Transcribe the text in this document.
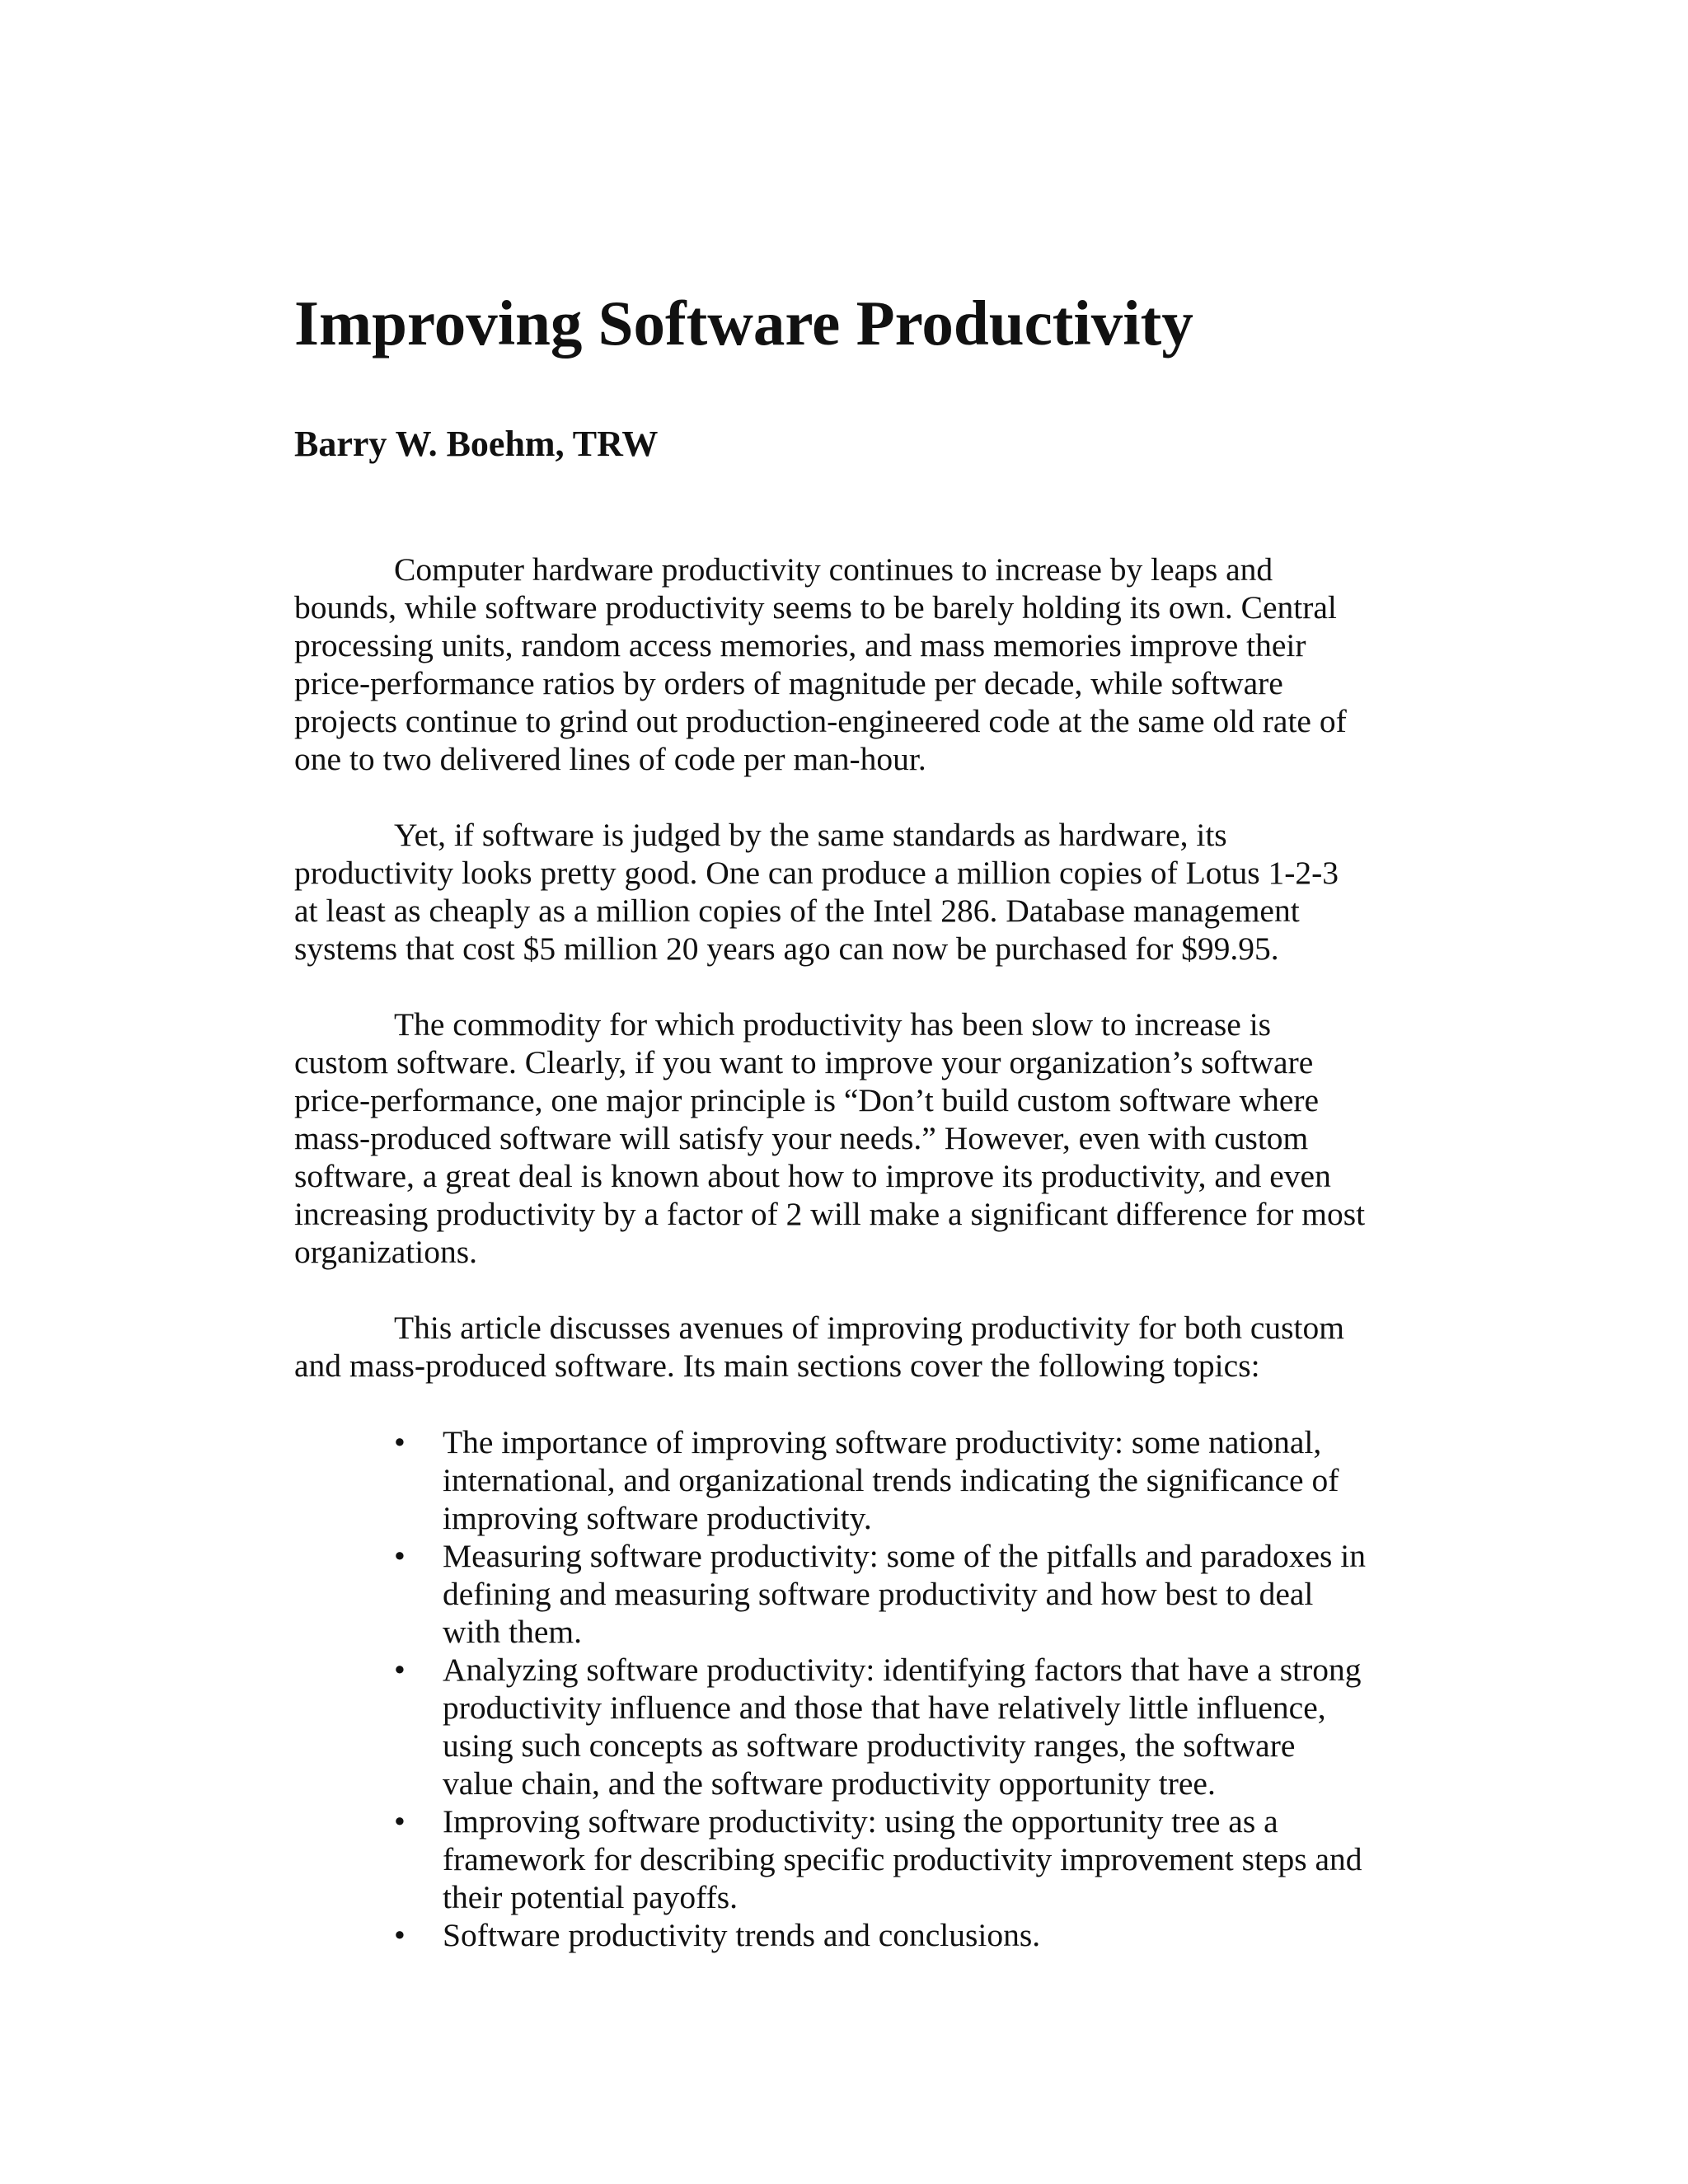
Improving Software Productivity
Barry W. Boehm, TRW
Computer hardware productivity continues to increase by leaps and
bounds, while software productivity seems to be barely holding its own. Central
processing units, random access memories, and mass memories improve their
price-performance ratios by orders of magnitude per decade, while software
projects continue to grind out production-engineered code at the same old rate of
one to two delivered lines of code per man-hour.
Yet, if software is judged by the same standards as hardware, its
productivity looks pretty good. One can produce a million copies of Lotus 1-2-3
at least as cheaply as a million copies of the Intel 286. Database management
systems that cost $5 million 20 years ago can now be purchased for $99.95.
The commodity for which productivity has been slow to increase is
custom software. Clearly, if you want to improve your organization’s software
price-performance, one major principle is “Don’t build custom software where
mass-produced software will satisfy your needs.” However, even with custom
software, a great deal is known about how to improve its productivity, and even
increasing productivity by a factor of 2 will make a significant difference for most
organizations.
This article discusses avenues of improving productivity for both custom
and mass-produced software. Its main sections cover the following topics:
•	The importance of improving software productivity: some national,
international, and organizational trends indicating the significance of
improving software productivity.
•	Measuring software productivity: some of the pitfalls and paradoxes in
defining and measuring software productivity and how best to deal
with them.
•	Analyzing software productivity: identifying factors that have a strong
productivity influence and those that have relatively little influence,
using such concepts as software productivity ranges, the software
value chain, and the software productivity opportunity tree.
•	Improving software productivity: using the opportunity tree as a
framework for describing specific productivity improvement steps and
their potential payoffs.
•	Software productivity trends and conclusions.
